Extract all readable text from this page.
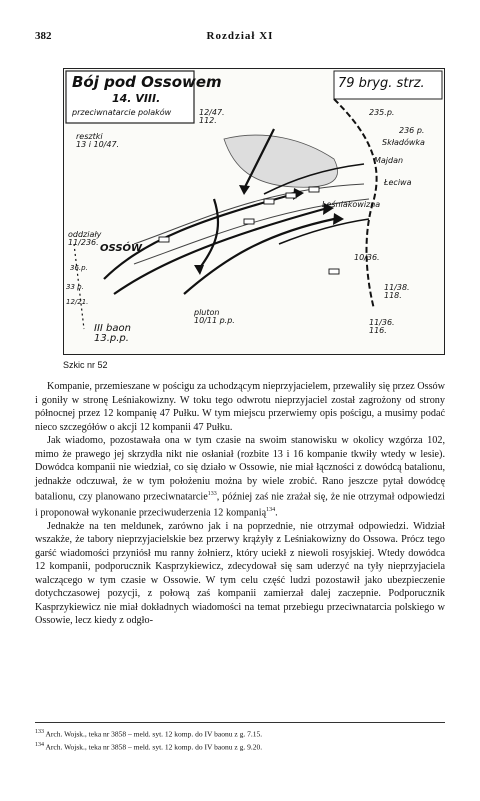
382	Rozdział XI
Bój pod Ossowem
14. VIII.
przeciwnatarcie polaków
79 bryg. strz.
235.p.
236 p.
Składówka
Majdan
Łeciwa
Leśniakowizna
10/36.
11/38.
118.
11/36.
116.
pluton
10/11 p.p.
III baon
13.p.p.
resztki
13 i 10/47.
12/47.
112.
oddziały
11/236.
OSSÓW
36.p.
33 p.
12/21.
Szkic nr 52

Kompanie, przemieszane w pościgu za uchodzącym nieprzyjacielem, przewaliły się przez Ossów i goniły w stronę Leśniakowizny. W toku tego odwrotu nieprzyjaciel został zagrożony od strony północnej przez 12 kompanię 47 Pułku. W tym miejscu przerwiemy opis pościgu, a musimy podać nieco szczegółów o akcji 12 kompanii 47 Pułku.

Jak wiadomo, pozostawała ona w tym czasie na swoim stanowisku w okolicy wzgórza 102, mimo że prawego jej skrzydła nikt nie osłaniał (rozbite 13 i 16 kompanie tkwiły wtedy w lesie). Dowódca kompanii nie wiedział, co się działo w Ossowie, nie miał łączności z dowódcą batalionu, jednakże odczuwał, że w tym położeniu można by wiele zrobić. Rano jeszcze pytał dowódcę batalionu, czy planowano przeciwnatarcie$^{133}$, później zaś nie zrażał się, że nie otrzymał odpowiedzi i proponował wykonanie przeciwuderzenia 12 kompanią$^{134}$.

Jednakże na ten meldunek, zarówno jak i na poprzednie, nie otrzymał odpowiedzi. Widział wszakże, że tabory nieprzyjacielskie bez przerwy krążyły z Leśniakowizny do Ossowa. Prócz tego garść wiadomości przyniósł mu ranny żołnierz, który uciekł z niewoli rosyjskiej. Wtedy dowódca 12 kompanii, podporucznik Kasprzykiewicz, zdecydował się sam uderzyć na tyły nieprzyjaciela walczącego w tym czasie w Ossowie. W tym celu część ludzi pozostawił jako ubezpieczenie dotychczasowej pozycji, z połową zaś kompanii zamierzał dalej zaczepnie. Podporucznik Kasprzykiewicz nie miał dokładnych wiadomości na temat przebiegu przeciwnatarcia polskiego w Ossowie, lecz kiedy z odgło-

$^{133}$ Arch. Wojsk., teka nr 3858 – meld. syt. 12 komp. do IV baonu z g. 7.15.

$^{134}$ Arch. Wojsk., teka nr 3858 – meld. syt. 12 komp. do IV baonu z g. 9.20.
